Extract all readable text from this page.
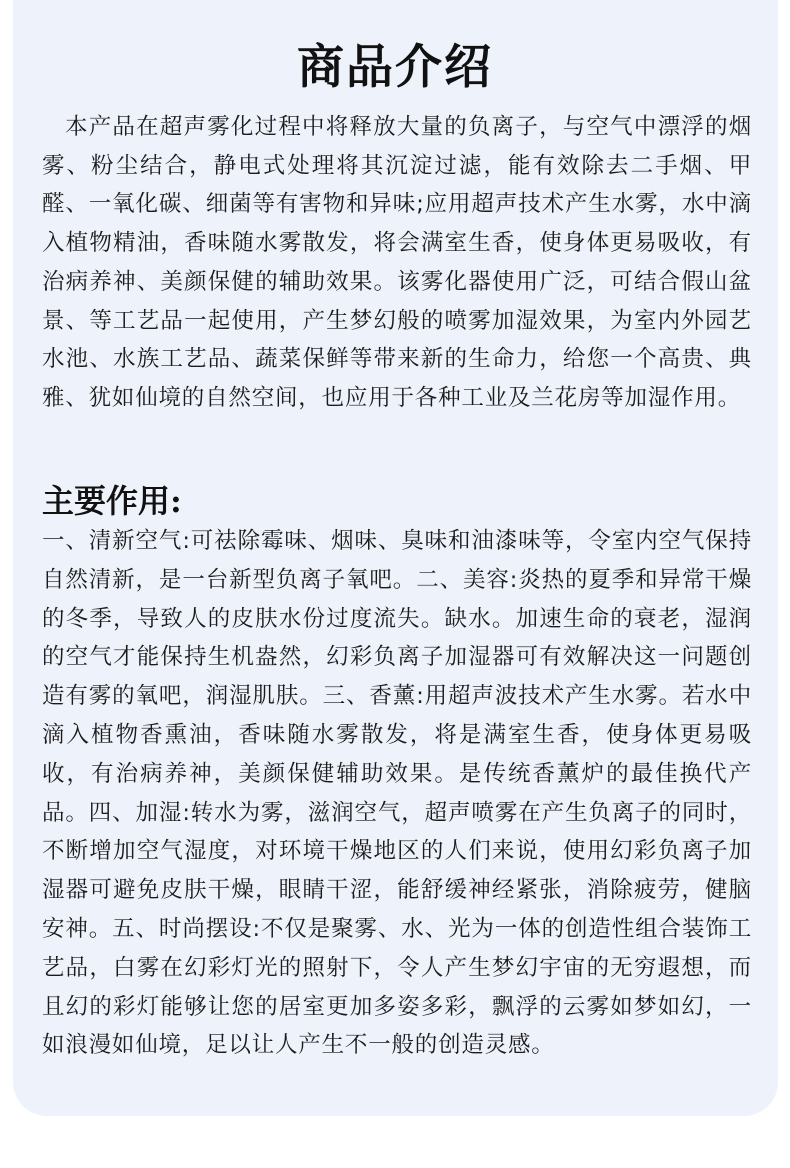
商品介绍

本产品在超声雾化过程中将释放大量的负离子，与空气中漂浮的烟雾、粉尘结合，静电式处理将其沉淀过滤，能有效除去二手烟、甲醛、一氧化碳、细菌等有害物和异味;应用超声技术产生水雾，水中滴入植物精油，香味随水雾散发，将会满室生香，使身体更易吸收，有治病养神、美颜保健的辅助效果。该雾化器使用广泛，可结合假山盆景、等工艺品一起使用，产生梦幻般的喷雾加湿效果，为室内外园艺水池、水族工艺品、蔬菜保鲜等带来新的生命力，给您一个高贵、典雅、犹如仙境的自然空间，也应用于各种工业及兰花房等加湿作用。

主要作用:

一、清新空气:可祛除霉味、烟味、臭味和油漆味等，令室内空气保持自然清新，是一台新型负离子氧吧。二、美容:炎热的夏季和异常干燥的冬季，导致人的皮肤水份过度流失。缺水。加速生命的衰老，湿润的空气才能保持生机盎然，幻彩负离子加湿器可有效解决这一问题创造有雾的氧吧，润湿肌肤。三、香薰:用超声波技术产生水雾。若水中滴入植物香熏油，香味随水雾散发，将是满室生香，使身体更易吸收，有治病养神，美颜保健辅助效果。是传统香薰炉的最佳换代产品。四、加湿:转水为雾，滋润空气，超声喷雾在产生负离子的同时，不断增加空气湿度，对环境干燥地区的人们来说，使用幻彩负离子加湿器可避免皮肤干燥，眼睛干涩，能舒缓神经紧张，消除疲劳，健脑安神。五、时尚摆设:不仅是聚雾、水、光为一体的创造性组合装饰工艺品，白雾在幻彩灯光的照射下，令人产生梦幻宇宙的无穷遐想，而且幻的彩灯能够让您的居室更加多姿多彩，飘浮的云雾如梦如幻，一如浪漫如仙境，足以让人产生不一般的创造灵感。
